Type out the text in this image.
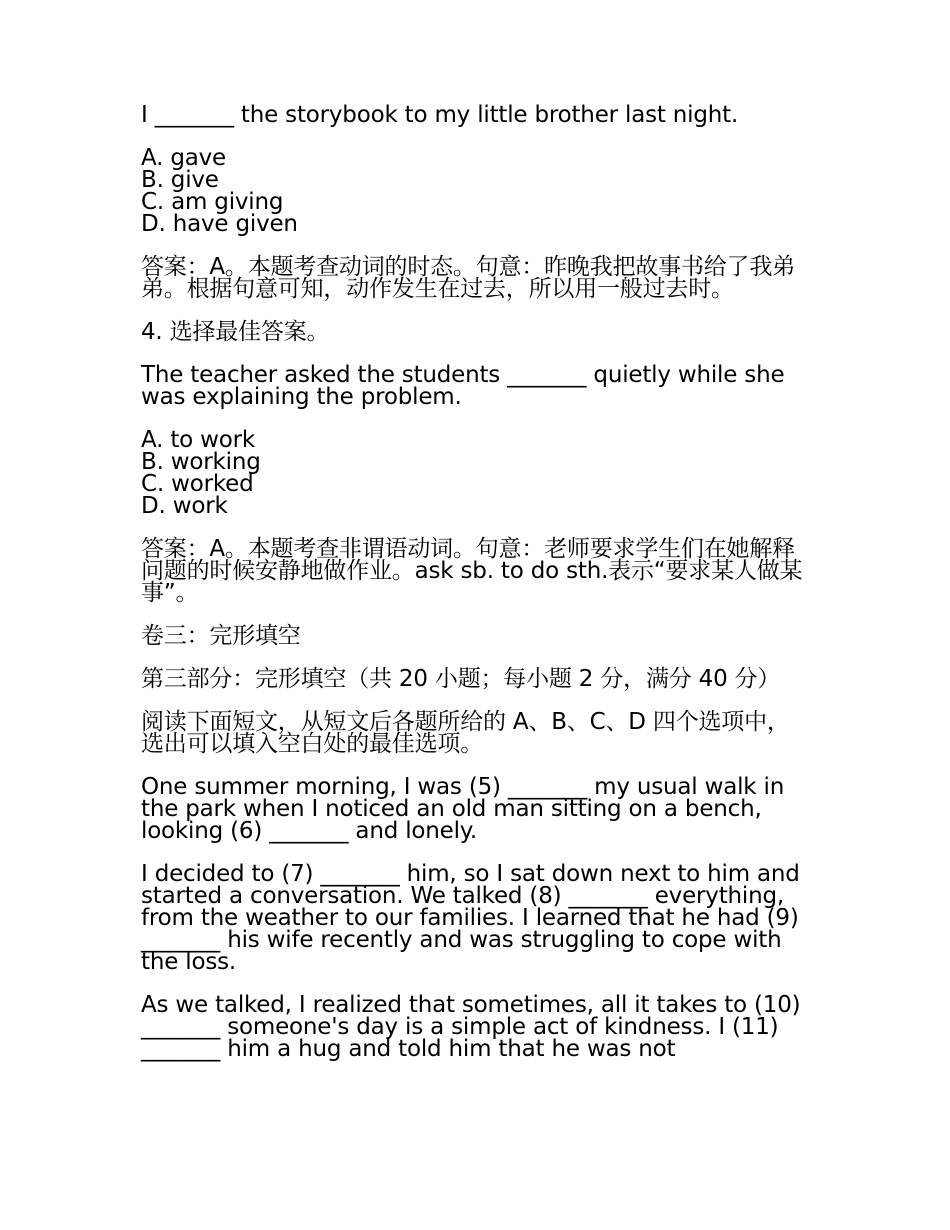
I _______ the storybook to my little brother last night.

A. gave
B. give
C. am giving
D. have given

答案：A。本题考查动词的时态。句意：昨晚我把故事书给了我弟弟。根据句意可知，动作发生在过去，所以用一般过去时。

4. 选择最佳答案。

The teacher asked the students _______ quietly while she was explaining the problem.

A. to work
B. working
C. worked
D. work

答案：A。本题考查非谓语动词。句意：老师要求学生们在她解释问题的时候安静地做作业。ask sb. to do sth.表示“要求某人做某事”。

卷三：完形填空

第三部分：完形填空（共 20 小题；每小题 2 分，满分 40 分）

阅读下面短文，从短文后各题所给的 A、B、C、D 四个选项中，选出可以填入空白处的最佳选项。

One summer morning, I was (5) _______ my usual walk in the park when I noticed an old man sitting on a bench, looking (6) _______ and lonely.

I decided to (7) _______ him, so I sat down next to him and started a conversation. We talked (8) _______ everything, from the weather to our families. I learned that he had (9) _______ his wife recently and was struggling to cope with the loss.

As we talked, I realized that sometimes, all it takes to (10) _______ someone's day is a simple act of kindness. I (11) _______ him a hug and told him that he was not
